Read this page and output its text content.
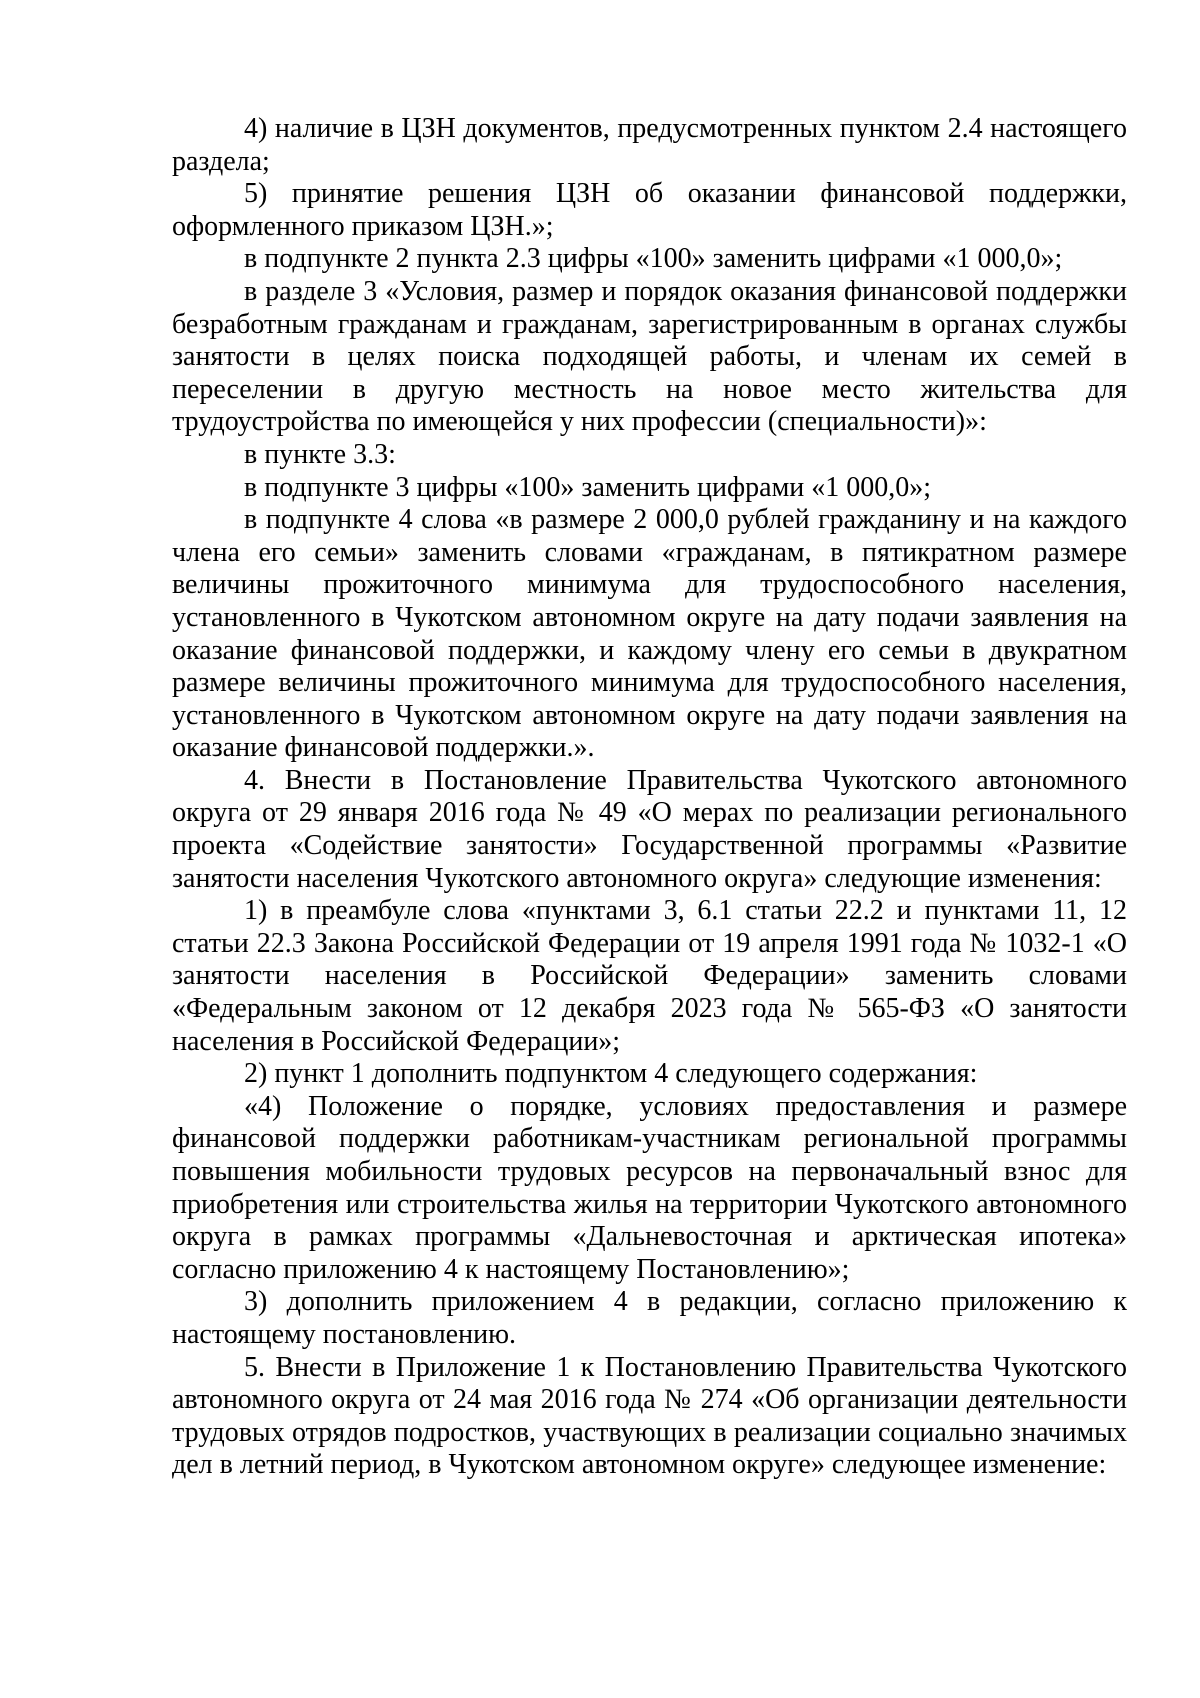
4) наличие в ЦЗН документов, предусмотренных пунктом 2.4 настоящего раздела;

5) принятие решения ЦЗН об оказании финансовой поддержки, оформленного приказом ЦЗН.»;

в подпункте 2 пункта 2.3 цифры «100» заменить цифрами «1 000,0»;

в разделе 3 «Условия, размер и порядок оказания финансовой поддержки безработным гражданам и гражданам, зарегистрированным в органах службы занятости в целях поиска подходящей работы, и членам их семей в переселении в другую местность на новое место жительства для трудоустройства по имеющейся у них профессии (специальности)»:

в пункте 3.3:

в подпункте 3 цифры «100» заменить цифрами «1 000,0»;

в подпункте 4 слова «в размере 2 000,0 рублей гражданину и на каждого члена его семьи» заменить словами «гражданам, в пятикратном размере величины прожиточного минимума для трудоспособного населения, установленного в Чукотском автономном округе на дату подачи заявления на оказание финансовой поддержки, и каждому члену его семьи в двукратном размере величины прожиточного минимума для трудоспособного населения, установленного в Чукотском автономном округе на дату подачи заявления на оказание финансовой поддержки.».

4. Внести в Постановление Правительства Чукотского автономного округа от 29 января 2016 года № 49 «О мерах по реализации регионального проекта «Содействие занятости» Государственной программы «Развитие занятости населения Чукотского автономного округа» следующие изменения:

1) в преамбуле слова «пунктами 3, 6.1 статьи 22.2 и пунктами 11, 12 статьи 22.3 Закона Российской Федерации от 19 апреля 1991 года № 1032-1 «О занятости населения в Российской Федерации» заменить словами «Федеральным законом от 12 декабря 2023 года № 565-ФЗ «О занятости населения в Российской Федерации»;

2) пункт 1 дополнить подпунктом 4 следующего содержания:

«4) Положение о порядке, условиях предоставления и размере финансовой поддержки работникам-участникам региональной программы повышения мобильности трудовых ресурсов на первоначальный взнос для приобретения или строительства жилья на территории Чукотского автономного округа в рамках программы «Дальневосточная и арктическая ипотека» согласно приложению 4 к настоящему Постановлению»;

3) дополнить приложением 4 в редакции, согласно приложению к настоящему постановлению.

5. Внести в Приложение 1 к Постановлению Правительства Чукотского автономного округа от 24 мая 2016 года № 274 «Об организации деятельности трудовых отрядов подростков, участвующих в реализации социально значимых дел в летний период, в Чукотском автономном округе» следующее изменение:
